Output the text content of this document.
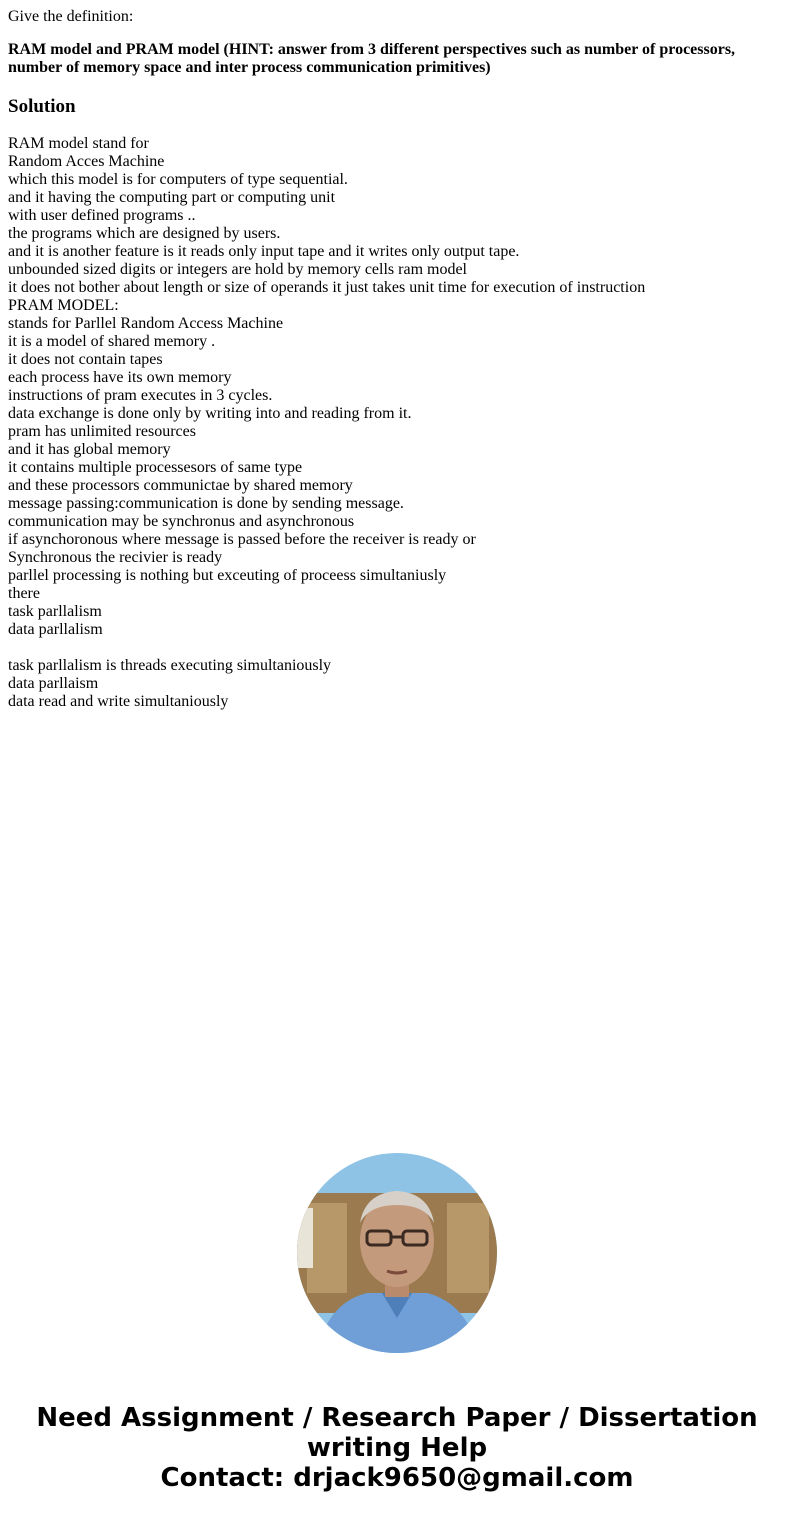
Give the definition:

RAM model and PRAM model (HINT: answer from 3 different perspectives such as number of processors, number of memory space and inter process communication primitives)

Solution
RAM model stand for
Random Acces Machine
which this model is for computers of type sequential.
and it having the computing part or computing unit
with user defined programs ..
the programs which are designed by users.
and it is another feature is it reads only input tape and it writes only output tape.
unbounded sized digits or integers are hold by memory cells ram model
it does not bother about length or size of operands it just takes unit time for execution of instruction
PRAM MODEL:
stands for Parllel Random Access Machine
it is a model of shared memory .
it does not contain tapes
each process have its own memory
instructions of pram executes in 3 cycles.
data exchange is done only by writing into and reading from it.
pram has unlimited resources
and it has global memory
it contains multiple processesors of same type
and these processors communictae by shared memory
message passing:communication is done by sending message.
communication may be synchronus and asynchronous
if asynchoronous where message is passed before the receiver is ready or
Synchronous the recivier is ready
parllel processing is nothing but exceuting of proceess simultaniusly
there
task parllalism
data parllalism
task parllalism is threads executing simultaniously
data parllaism
data read and write simultaniously
Need Assignment / Research Paper / Dissertation
writing Help
Contact: drjack9650@gmail.com
